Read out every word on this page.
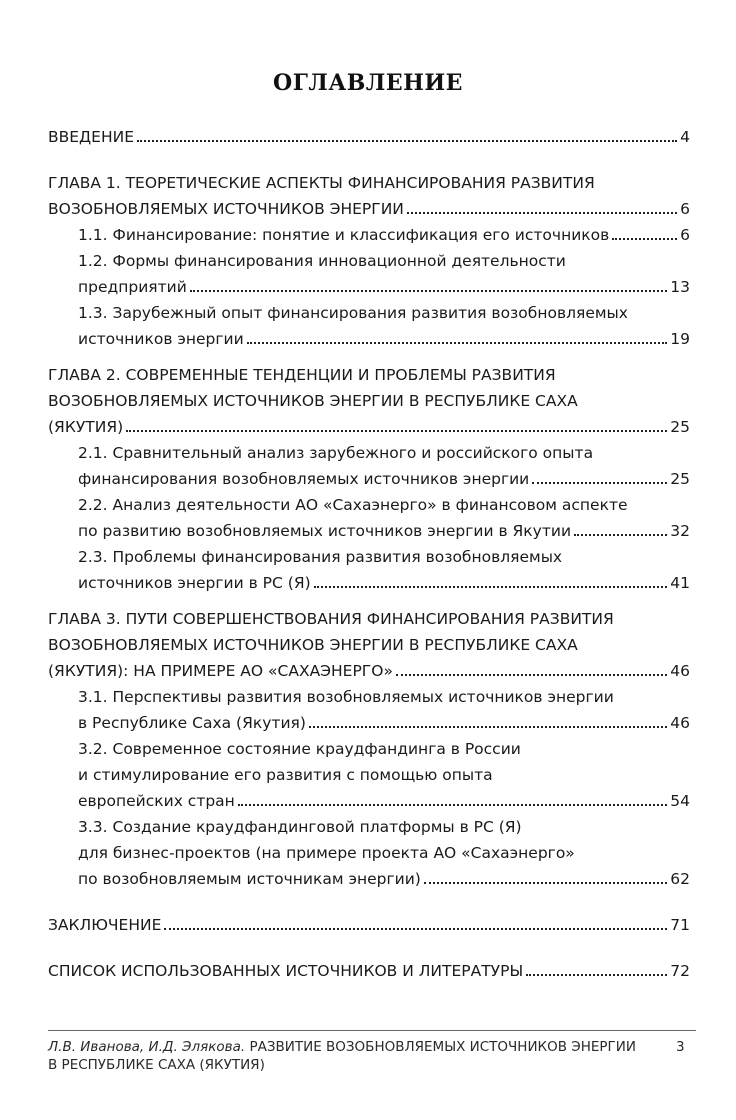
ОГЛАВЛЕНИЕ
ВВЕДЕНИЕ	4
ГЛАВА 1. ТЕОРЕТИЧЕСКИЕ АСПЕКТЫ ФИНАНСИРОВАНИЯ РАЗВИТИЯ
ВОЗОБНОВЛЯЕМЫХ ИСТОЧНИКОВ ЭНЕРГИИ	6
1.1. Финансирование: понятие и классификация его источников	6
1.2. Формы финансирования инновационной деятельности
предприятий	13
1.3. Зарубежный опыт финансирования развития возобновляемых
источников энергии	19
ГЛАВА 2. СОВРЕМЕННЫЕ ТЕНДЕНЦИИ И ПРОБЛЕМЫ РАЗВИТИЯ
ВОЗОБНОВЛЯЕМЫХ ИСТОЧНИКОВ ЭНЕРГИИ В РЕСПУБЛИКЕ САХА
(ЯКУТИЯ)	25
2.1. Сравнительный анализ зарубежного и российского опыта
финансирования возобновляемых источников энергии	25
2.2. Анализ деятельности АО «Сахаэнерго» в финансовом аспекте
по развитию возобновляемых источников энергии в Якутии	32
2.3. Проблемы финансирования развития возобновляемых
источников энергии в РС (Я)	41
ГЛАВА 3. ПУТИ СОВЕРШЕНСТВОВАНИЯ ФИНАНСИРОВАНИЯ РАЗВИТИЯ
ВОЗОБНОВЛЯЕМЫХ ИСТОЧНИКОВ ЭНЕРГИИ В РЕСПУБЛИКЕ САХА
(ЯКУТИЯ): НА ПРИМЕРЕ АО «САХАЭНЕРГО»	46
3.1. Перспективы развития возобновляемых источников энергии
в Республике Саха (Якутия)	46
3.2. Современное состояние краудфандинга в России
и стимулирование его развития с помощью опыта
европейских стран	54
3.3. Создание краудфандинговой платформы в РС (Я)
для бизнес-проектов (на примере проекта АО «Сахаэнерго»
по возобновляемым источникам энергии)	62
ЗАКЛЮЧЕНИЕ	71
СПИСОК ИСПОЛЬЗОВАННЫХ ИСТОЧНИКОВ И ЛИТЕРАТУРЫ	72
Л.В. Иванова, И.Д. Элякова. РАЗВИТИЕ ВОЗОБНОВЛЯЕМЫХ ИСТОЧНИКОВ ЭНЕРГИИ
В РЕСПУБЛИКЕ САХА (ЯКУТИЯ)
3
